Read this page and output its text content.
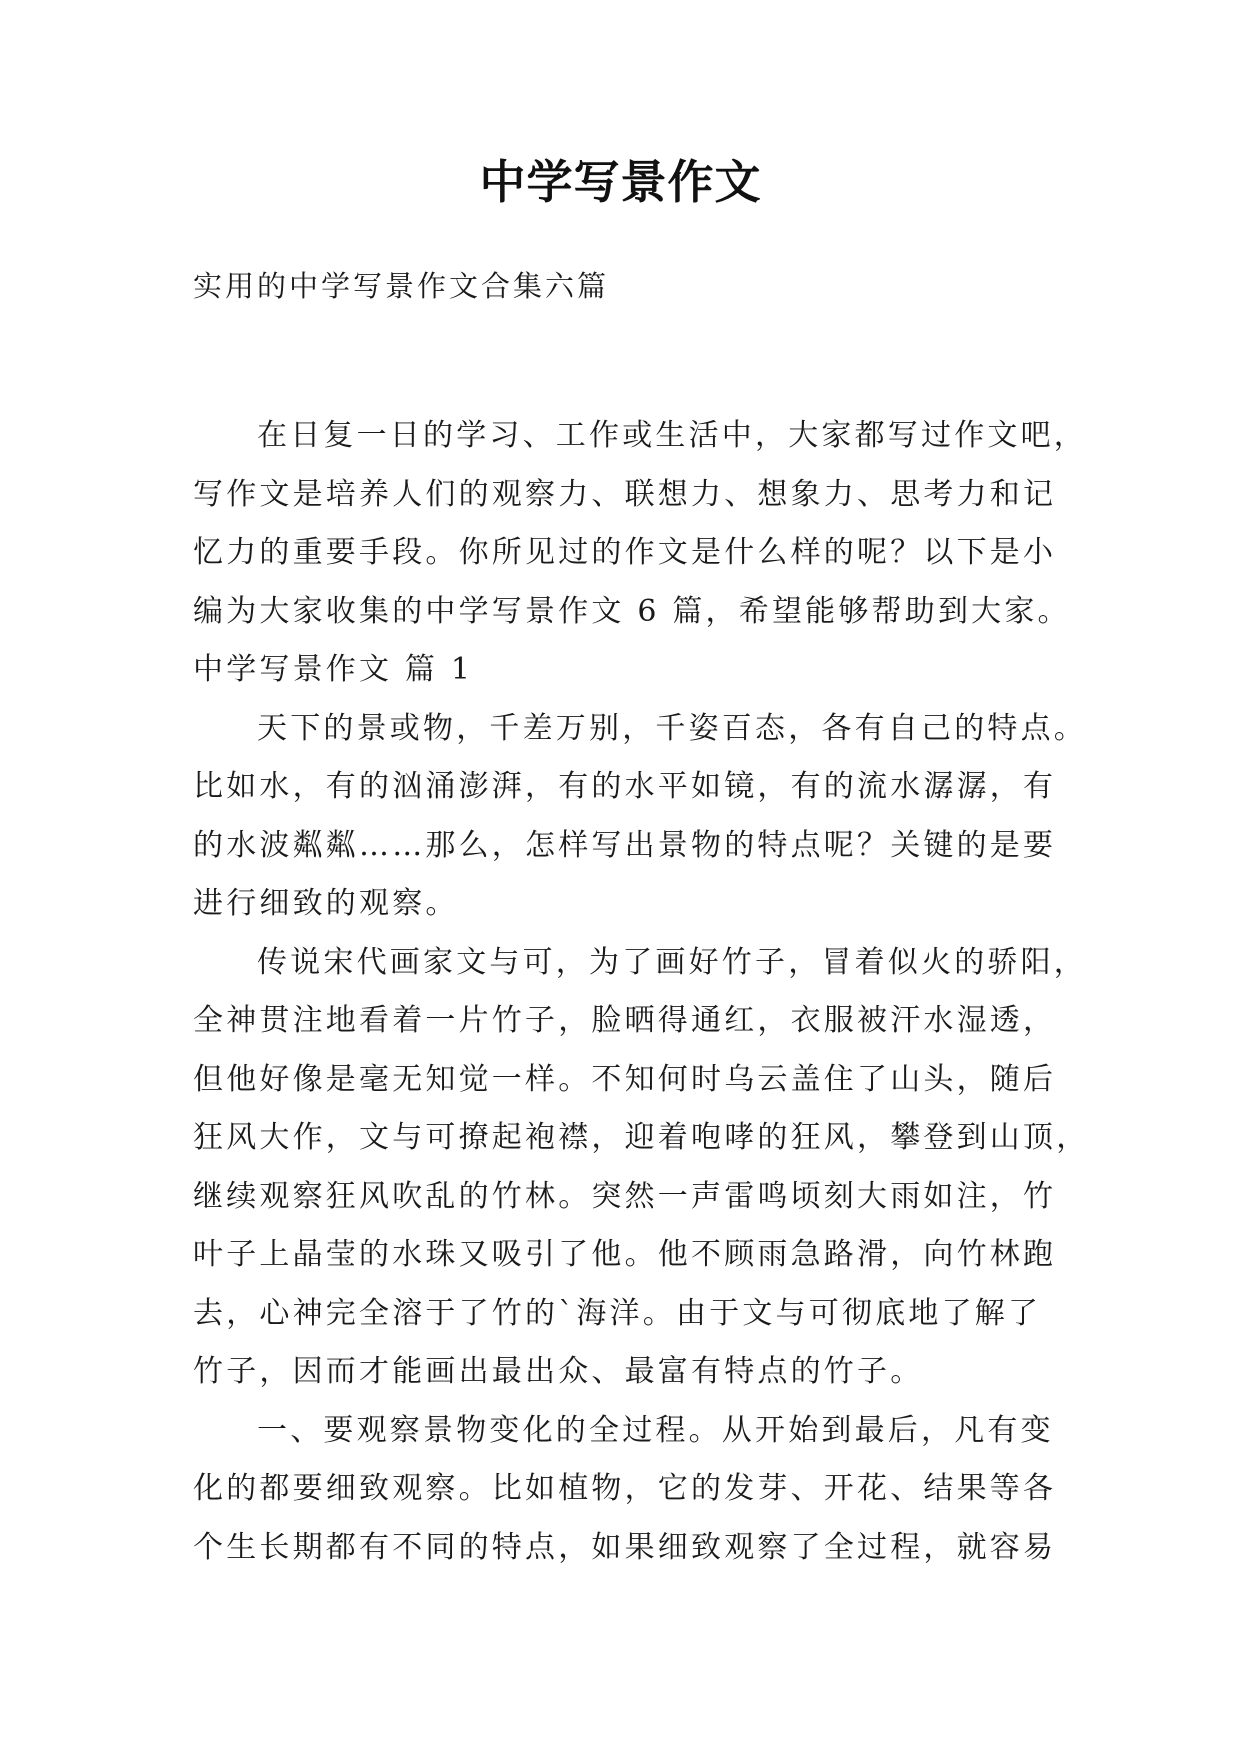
中学写景作文

实用的中学写景作文合集六篇

在日复一日的学习、工作或生活中，大家都写过作文吧，
写作文是培养人们的观察力、联想力、想象力、思考力和记
忆力的重要手段。你所见过的作文是什么样的呢？以下是小
编为大家收集的中学写景作文 6 篇，希望能够帮助到大家。
中学写景作文 篇 1
天下的景或物，千差万别，千姿百态，各有自己的特点。
比如水，有的汹涌澎湃，有的水平如镜，有的流水潺潺，有
的水波粼粼……那么，怎样写出景物的特点呢？关键的是要
进行细致的观察。
传说宋代画家文与可，为了画好竹子，冒着似火的骄阳，
全神贯注地看着一片竹子，脸晒得通红，衣服被汗水湿透，
但他好像是毫无知觉一样。不知何时乌云盖住了山头，随后
狂风大作，文与可撩起袍襟，迎着咆哮的狂风，攀登到山顶，
继续观察狂风吹乱的竹林。突然一声雷鸣顷刻大雨如注，竹
叶子上晶莹的水珠又吸引了他。他不顾雨急路滑，向竹林跑
去，心神完全溶于了竹的`海洋。由于文与可彻底地了解了
竹子，因而才能画出最出众、最富有特点的竹子。
一、要观察景物变化的全过程。从开始到最后，凡有变
化的都要细致观察。比如植物，它的发芽、开花、结果等各
个生长期都有不同的特点，如果细致观察了全过程，就容易
